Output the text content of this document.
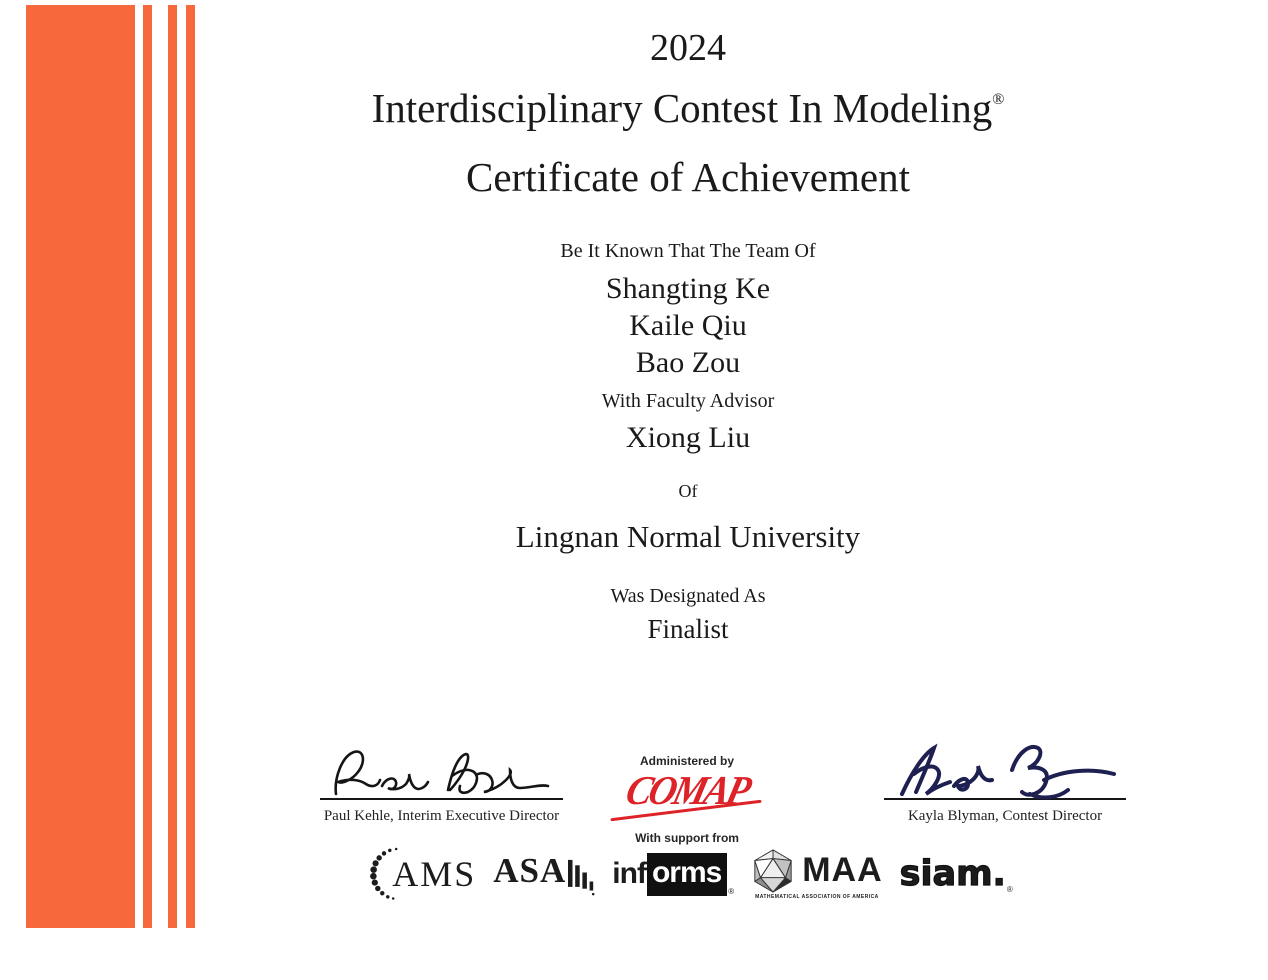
2024
Interdisciplinary Contest In Modeling®
Certificate of Achievement
Be It Known That The Team Of
Shangting Ke
Kaile Qiu
Bao Zou
With Faculty Advisor
Xiong Liu
Of
Lingnan Normal University
Was Designated As
Finalist
Paul Kehle, Interim Executive Director
Administered by
COMAP
With support from
Kayla Blyman, Contest Director
AMS ASA inf orms
®
MAA
MATHEMATICAL ASSOCIATION OF AMERICA
siam. ®
